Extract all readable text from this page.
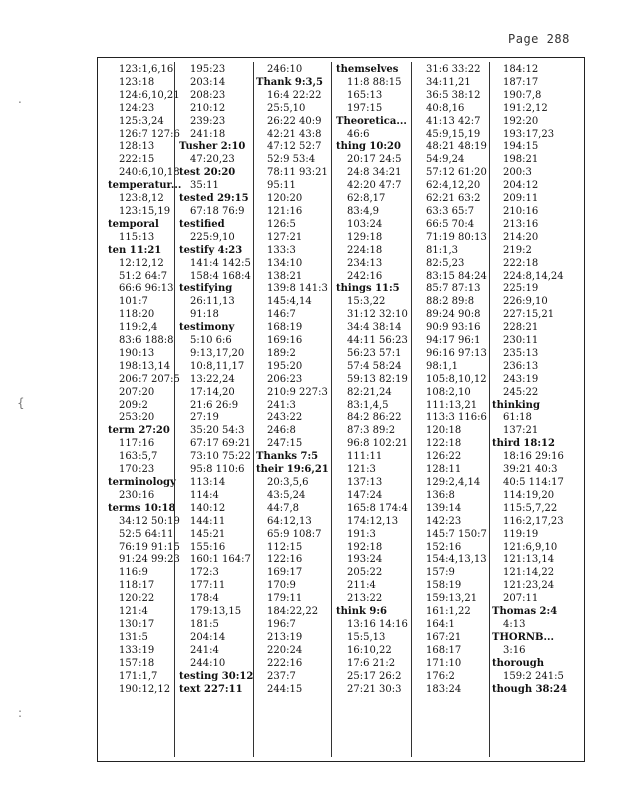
Page 288
.
{
:
123:1,6,16
123:18
124:6,10,21
124:23
125:3,24
126:7 127:6
128:13
222:15
240:6,10,18
temperatur...
123:8,12
123:15,19
temporal
115:13
ten 11:21
12:12,12
51:2 64:7
66:6 96:13
101:7
118:20
119:2,4
83:6 188:8
190:13
198:13,14
206:7 207:5
207:20
209:2
253:20
term 27:20
117:16
163:5,7
170:23
terminology
230:16
terms 10:18
34:12 50:19
52:5 64:11
76:19 91:15
91:24 99:23
116:9
118:17
120:22
121:4
130:17
131:5
133:19
157:18
171:1,7
190:12,12
195:23
203:14
208:23
210:12
239:23
241:18
Tusher 2:10
47:20,23
test 20:20
35:11
tested 29:15
67:18 76:9
testified
225:9,10
testify 4:23
141:4 142:5
158:4 168:4
testifying
26:11,13
91:18
testimony
5:10 6:6
9:13,17,20
10:8,11,17
13:22,24
17:14,20
21:6 26:9
27:19
35:20 54:3
67:17 69:21
73:10 75:22
95:8 110:6
113:14
114:4
140:12
144:11
145:21
155:16
160:1 164:7
172:3
177:11
178:4
179:13,15
181:5
204:14
241:4
244:10
testing 30:12
text 227:11
246:10
Thank 9:3,5
16:4 22:22
25:5,10
26:22 40:9
42:21 43:8
47:12 52:7
52:9 53:4
78:11 93:21
95:11
120:20
121:16
126:5
127:21
133:3
134:10
138:21
139:8 141:3
145:4,14
146:7
168:19
169:16
189:2
195:20
206:23
210:9 227:3
241:3
243:22
246:8
247:15
Thanks 7:5
their 19:6,21
20:3,5,6
43:5,24
44:7,8
64:12,13
65:9 108:7
112:15
122:16
169:17
170:9
179:11
184:22,22
196:7
213:19
220:24
222:16
237:7
244:15
themselves
11:8 88:15
165:13
197:15
Theoretica...
46:6
thing 10:20
20:17 24:5
24:8 34:21
42:20 47:7
62:8,17
83:4,9
103:24
129:18
224:18
234:13
242:16
things 11:5
15:3,22
31:12 32:10
34:4 38:14
44:11 56:23
56:23 57:1
57:4 58:24
59:13 82:19
82:21,24
83:1,4,5
84:2 86:22
87:3 89:2
96:8 102:21
111:11
121:3
137:13
147:24
165:8 174:4
174:12,13
191:3
192:18
193:24
205:22
211:4
213:22
think 9:6
13:16 14:16
15:5,13
16:10,22
17:6 21:2
25:17 26:2
27:21 30:3
31:6 33:22
34:11,21
36:5 38:12
40:8,16
41:13 42:7
45:9,15,19
48:21 48:19
54:9,24
57:12 61:20
62:4,12,20
62:21 63:2
63:3 65:7
66:5 70:4
71:19 80:13
81:1,3
82:5,23
83:15 84:24
85:7 87:13
88:2 89:8
89:24 90:8
90:9 93:16
94:17 96:1
96:16 97:13
98:1,1
105:8,10,12
108:2,10
111:13,21
113:3 116:6
120:18
122:18
126:22
128:11
129:2,4,14
136:8
139:14
142:23
145:7 150:7
152:16
154:4,13,13
157:9
158:19
159:13,21
161:1,22
164:1
167:21
168:17
171:10
176:2
183:24
184:12
187:17
190:7,8
191:2,12
192:20
193:17,23
194:15
198:21
200:3
204:12
209:11
210:16
213:16
214:20
219:2
222:18
224:8,14,24
225:19
226:9,10
227:15,21
228:21
230:11
235:13
236:13
243:19
245:22
thinking
61:18
137:21
third 18:12
18:16 29:16
39:21 40:3
40:5 114:17
114:19,20
115:5,7,22
116:2,17,23
119:19
121:6,9,10
121:13,14
121:14,22
121:23,24
207:11
Thomas 2:4
4:13
THORNB...
3:16
thorough
159:2 241:5
though 38:24
